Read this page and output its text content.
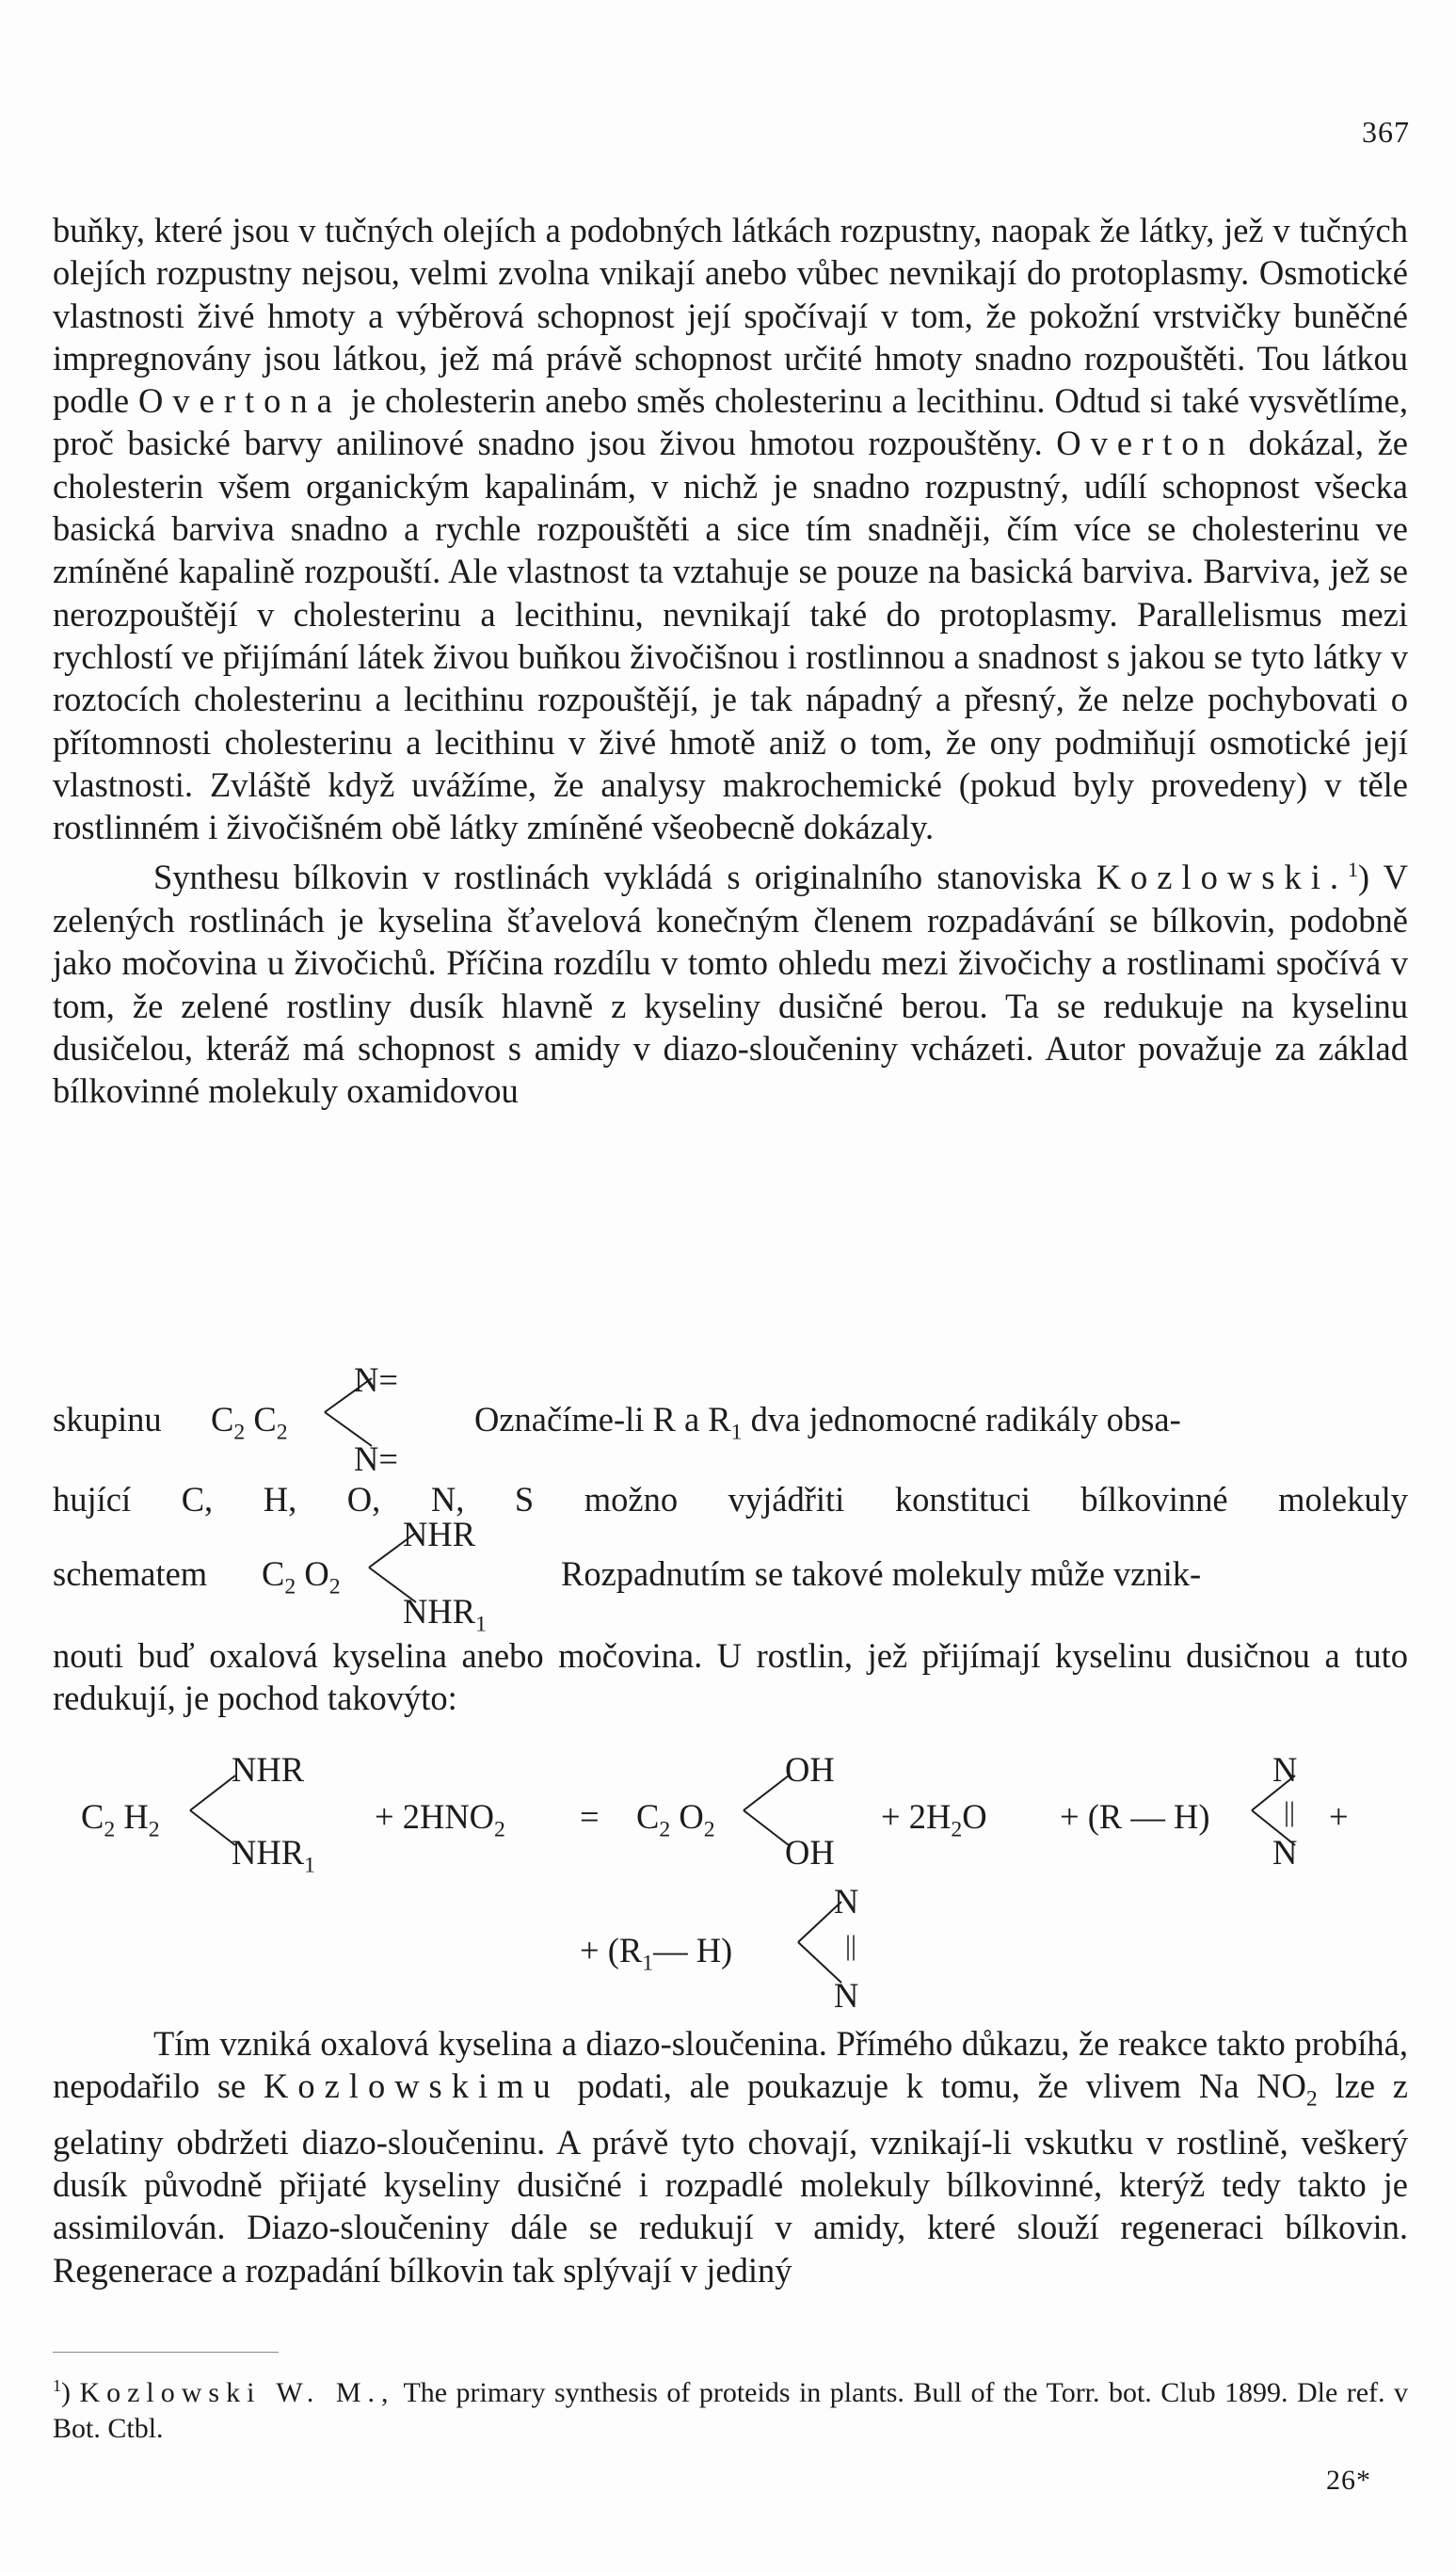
367

buňky, které jsou v tučných olejích a podobných látkách rozpustny, naopak že látky, jež v tučných olejích rozpustny nejsou, velmi zvolna vnikají anebo vůbec nevnikají do protoplasmy. Osmotické vlastnosti živé hmoty a výběrová schopnost její spočívají v tom, že pokožní vrstvičky buněčné impregnovány jsou látkou, jež má právě schopnost určité hmoty snadno rozpouštěti. Tou látkou podle Overtona je cholesterin anebo směs cholesterinu a lecithinu. Odtud si také vysvětlíme, proč basické barvy anilinové snadno jsou živou hmotou rozpouštěny. Overton dokázal, že cholesterin všem organickým kapalinám, v nichž je snadno rozpustný, udílí schopnost všecka basická barviva snadno a rychle rozpouštěti a sice tím snadněji, čím více se cholesterinu ve zmíněné kapalině rozpouští. Ale vlastnost ta vztahuje se pouze na basická barviva. Barviva, jež se nerozpouštějí v cholesterinu a lecithinu, nevnikají také do protoplasmy. Parallelismus mezi rychlostí ve přijímání látek živou buňkou živočišnou i rostlinnou a snadnost s jakou se tyto látky v roztocích cholesterinu a lecithinu rozpouštějí, je tak nápadný a přesný, že nelze pochybovati o přítomnosti cholesterinu a lecithinu v živé hmotě aniž o tom, že ony podmiňují osmotické její vlastnosti. Zvláště když uvážíme, že analysy makrochemické (pokud byly provedeny) v těle rostlinném i živočišném obě látky zmíněné všeobecně dokázaly.

Synthesu bílkovin v rostlinách vykládá s originalního stanoviska Kozlowski.$^1$) V zelených rostlinách je kyselina šťavelová konečným členem rozpadávání se bílkovin, podobně jako močovina u živočichů. Příčina rozdílu v tomto ohledu mezi živočichy a rostlinami spočívá v tom, že zelené rostliny dusík hlavně z kyseliny dusičné berou. Ta se redukuje na kyselinu dusičelou, kteráž má schopnost s amidy v diazo-sloučeniny vcházeti. Autor považuje za základ bílkovinné molekuly oxamidovou

skupinu $C_2$ $C_2$
N=
N=
Označíme-li R a $R_1$ dva jednomocné radikály obsa-
hující C, H, O, N, S možno vyjádřiti konstituci bílkovinné molekuly
schematem $C_2$ $O_2$
NHR
$NHR_1$
Rozpadnutím se takové molekuly může vznik-
nouti buď oxalová kyselina anebo močovina. U rostlin, jež přijímají kyselinu dusičnou a tuto redukují, je pochod takovýto:
$C_2$ $H_2$
NHR
$NHR_1$
+ $2HNO_2 = C_2$ $O_2$
OH
OH
+ $2H_2O + (R$ — H)
N
||
N
+
+ ($R_1—$ H)
N
||
N

Tím vzniká oxalová kyselina a diazo-sloučenina. Přímého důkazu, že reakce takto probíhá, nepodařilo se Kozlowskimu podati, ale poukazuje k tomu, že vlivem Na $NO_2$ lze z gelatiny obdržeti diazo-sloučeninu. A právě tyto chovají, vznikají-li vskutku v rostlině, veškerý dusík původně přijaté kyseliny dusičné i rozpadlé molekuly bílkovinné, kterýž tedy takto je assimilován. Diazo-sloučeniny dále se redukují v amidy, které slouží regeneraci bílkovin. Regenerace a rozpadání bílkovin tak splývají v jediný

$^1$) Kozlowski W. M., The primary synthesis of proteids in plants. Bull of the Torr. bot. Club 1899. Dle ref. v Bot. Ctbl.
26*
